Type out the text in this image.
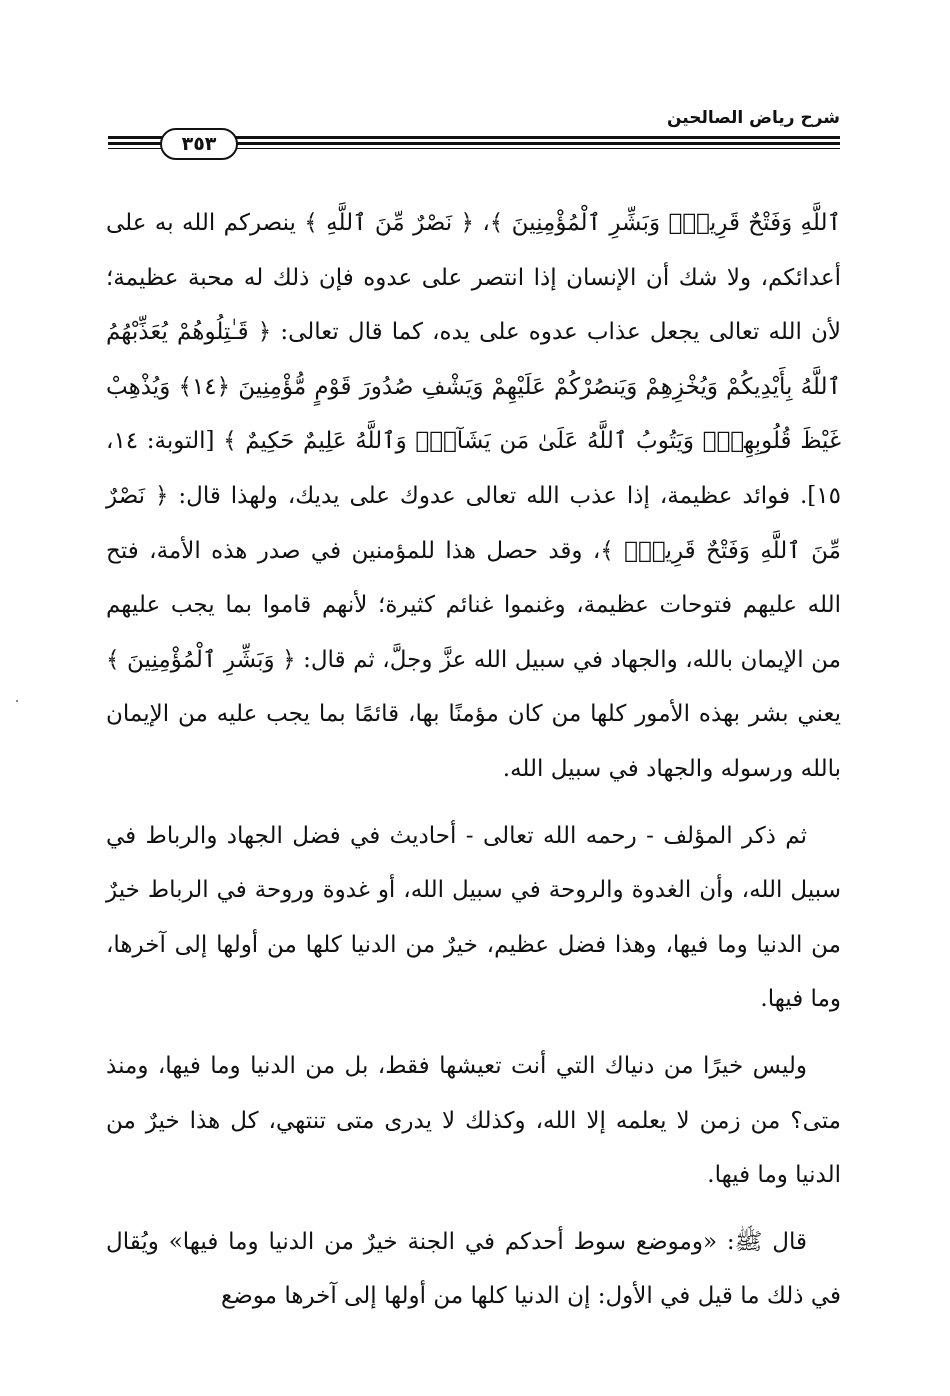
شرح رياض الصالحين
٣٥٣

ٱللَّهِ وَفَتْحٌ قَرِيبٌۗ وَبَشِّرِ ٱلْمُؤْمِنِينَ ﴾، ﴿ نَصْرٌ مِّنَ ٱللَّهِ ﴾ ينصركم الله به على أعدائكم، ولا شك أن الإنسان إذا انتصر على عدوه فإن ذلك له محبة عظيمة؛ لأن الله تعالى يجعل عذاب عدوه على يده، كما قال تعالى: ﴿ قَـٰتِلُوهُمْ يُعَذِّبْهُمُ ٱللَّهُ بِأَيْدِيكُمْ وَيُخْزِهِمْ وَيَنصُرْكُمْ عَلَيْهِمْ وَيَشْفِ صُدُورَ قَوْمٍ مُّؤْمِنِينَ ﴿١٤﴾ وَيُذْهِبْ غَيْظَ قُلُوبِهِمْۗ وَيَتُوبُ ٱللَّهُ عَلَىٰ مَن يَشَآءُۗ وَٱللَّهُ عَلِيمٌ حَكِيمٌ ﴾ [التوبة: ١٤، ١٥]. فوائد عظيمة، إذا عذب الله تعالى عدوك على يديك، ولهذا قال: ﴿ نَصْرٌ مِّنَ ٱللَّهِ وَفَتْحٌ قَرِيبٌۗ ﴾، وقد حصل هذا للمؤمنين في صدر هذه الأمة، فتح الله عليهم فتوحات عظيمة، وغنموا غنائم كثيرة؛ لأنهم قاموا بما يجب عليهم من الإيمان بالله، والجهاد في سبيل الله عزَّ وجلَّ، ثم قال: ﴿ وَبَشِّرِ ٱلْمُؤْمِنِينَ ﴾ يعني بشر بهذه الأمور كلها من كان مؤمنًا بها، قائمًا بما يجب عليه من الإيمان بالله ورسوله والجهاد في سبيل الله.

ثم ذكر المؤلف - رحمه الله تعالى - أحاديث في فضل الجهاد والرباط في سبيل الله، وأن الغدوة والروحة في سبيل الله، أو غدوة وروحة في الرباط خيرٌ من الدنيا وما فيها، وهذا فضل عظيم، خيرٌ من الدنيا كلها من أولها إلى آخرها، وما فيها.

وليس خيرًا من دنياك التي أنت تعيشها فقط، بل من الدنيا وما فيها، ومنذ متى؟ من زمن لا يعلمه إلا الله، وكذلك لا يدرى متى تنتهي، كل هذا خيرٌ من الدنيا وما فيها.

قال ﷺ: «وموضع سوط أحدكم في الجنة خيرٌ من الدنيا وما فيها» ويُقال في ذلك ما قيل في الأول: إن الدنيا كلها من أولها إلى آخرها موضع
